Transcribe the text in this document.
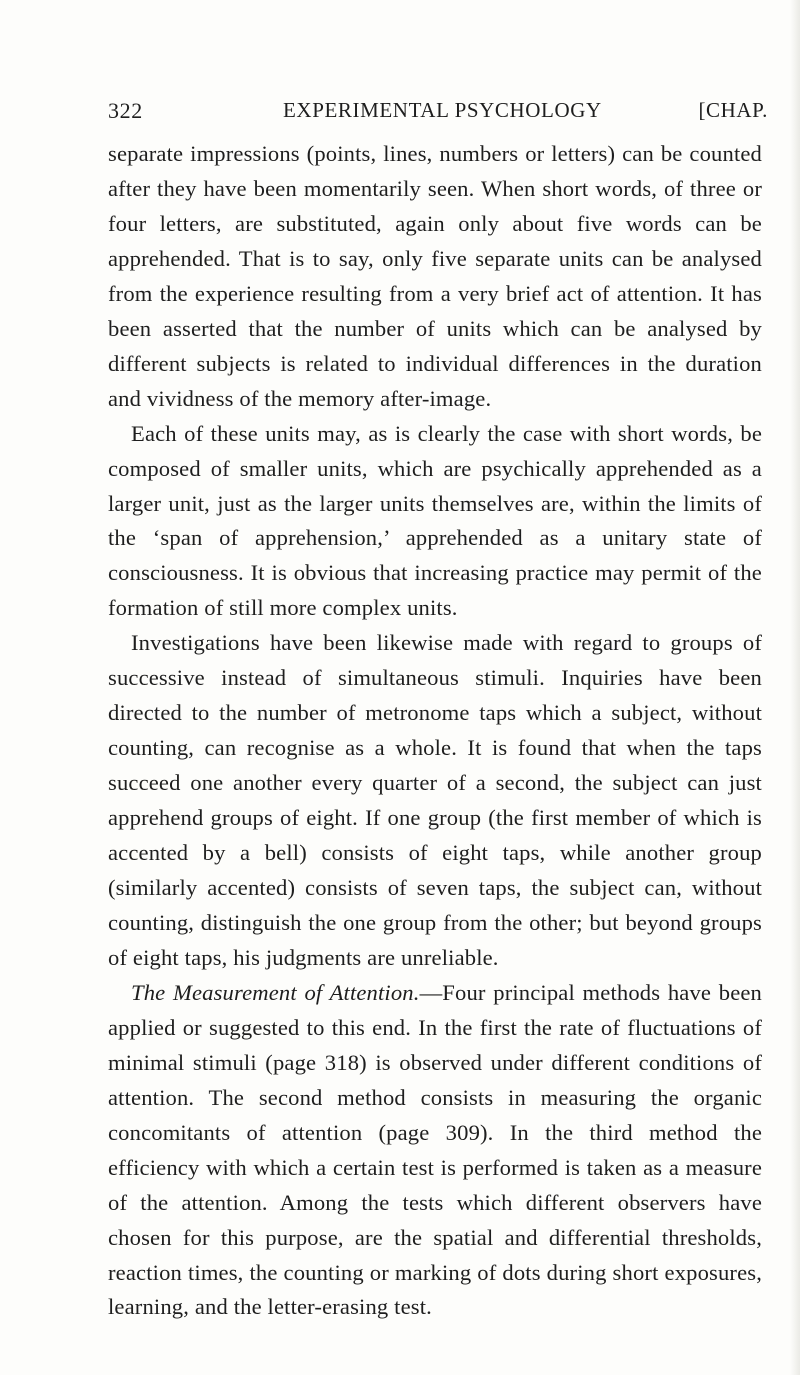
322	EXPERIMENTAL PSYCHOLOGY	[CHAP.

separate impressions (points, lines, numbers or letters) can be counted after they have been momentarily seen. When short words, of three or four letters, are substituted, again only about five words can be apprehended. That is to say, only five separate units can be analysed from the experience resulting from a very brief act of attention. It has been asserted that the number of units which can be analysed by different subjects is related to individual differences in the duration and vividness of the memory after-image.

Each of these units may, as is clearly the case with short words, be composed of smaller units, which are psychically apprehended as a larger unit, just as the larger units themselves are, within the limits of the ‘span of apprehension,’ apprehended as a unitary state of consciousness. It is obvious that increasing practice may permit of the formation of still more complex units.

Investigations have been likewise made with regard to groups of successive instead of simultaneous stimuli. Inquiries have been directed to the number of metronome taps which a subject, without counting, can recognise as a whole. It is found that when the taps succeed one another every quarter of a second, the subject can just apprehend groups of eight. If one group (the first member of which is accented by a bell) consists of eight taps, while another group (similarly accented) consists of seven taps, the subject can, without counting, distinguish the one group from the other; but beyond groups of eight taps, his judgments are unreliable.

The Measurement of Attention.—Four principal methods have been applied or suggested to this end. In the first the rate of fluctuations of minimal stimuli (page 318) is observed under different conditions of attention. The second method consists in measuring the organic concomitants of attention (page 309). In the third method the efficiency with which a certain test is performed is taken as a measure of the attention. Among the tests which different observers have chosen for this purpose, are the spatial and differential thresholds, reaction times, the counting or marking of dots during short exposures, learning, and the letter-erasing test.
